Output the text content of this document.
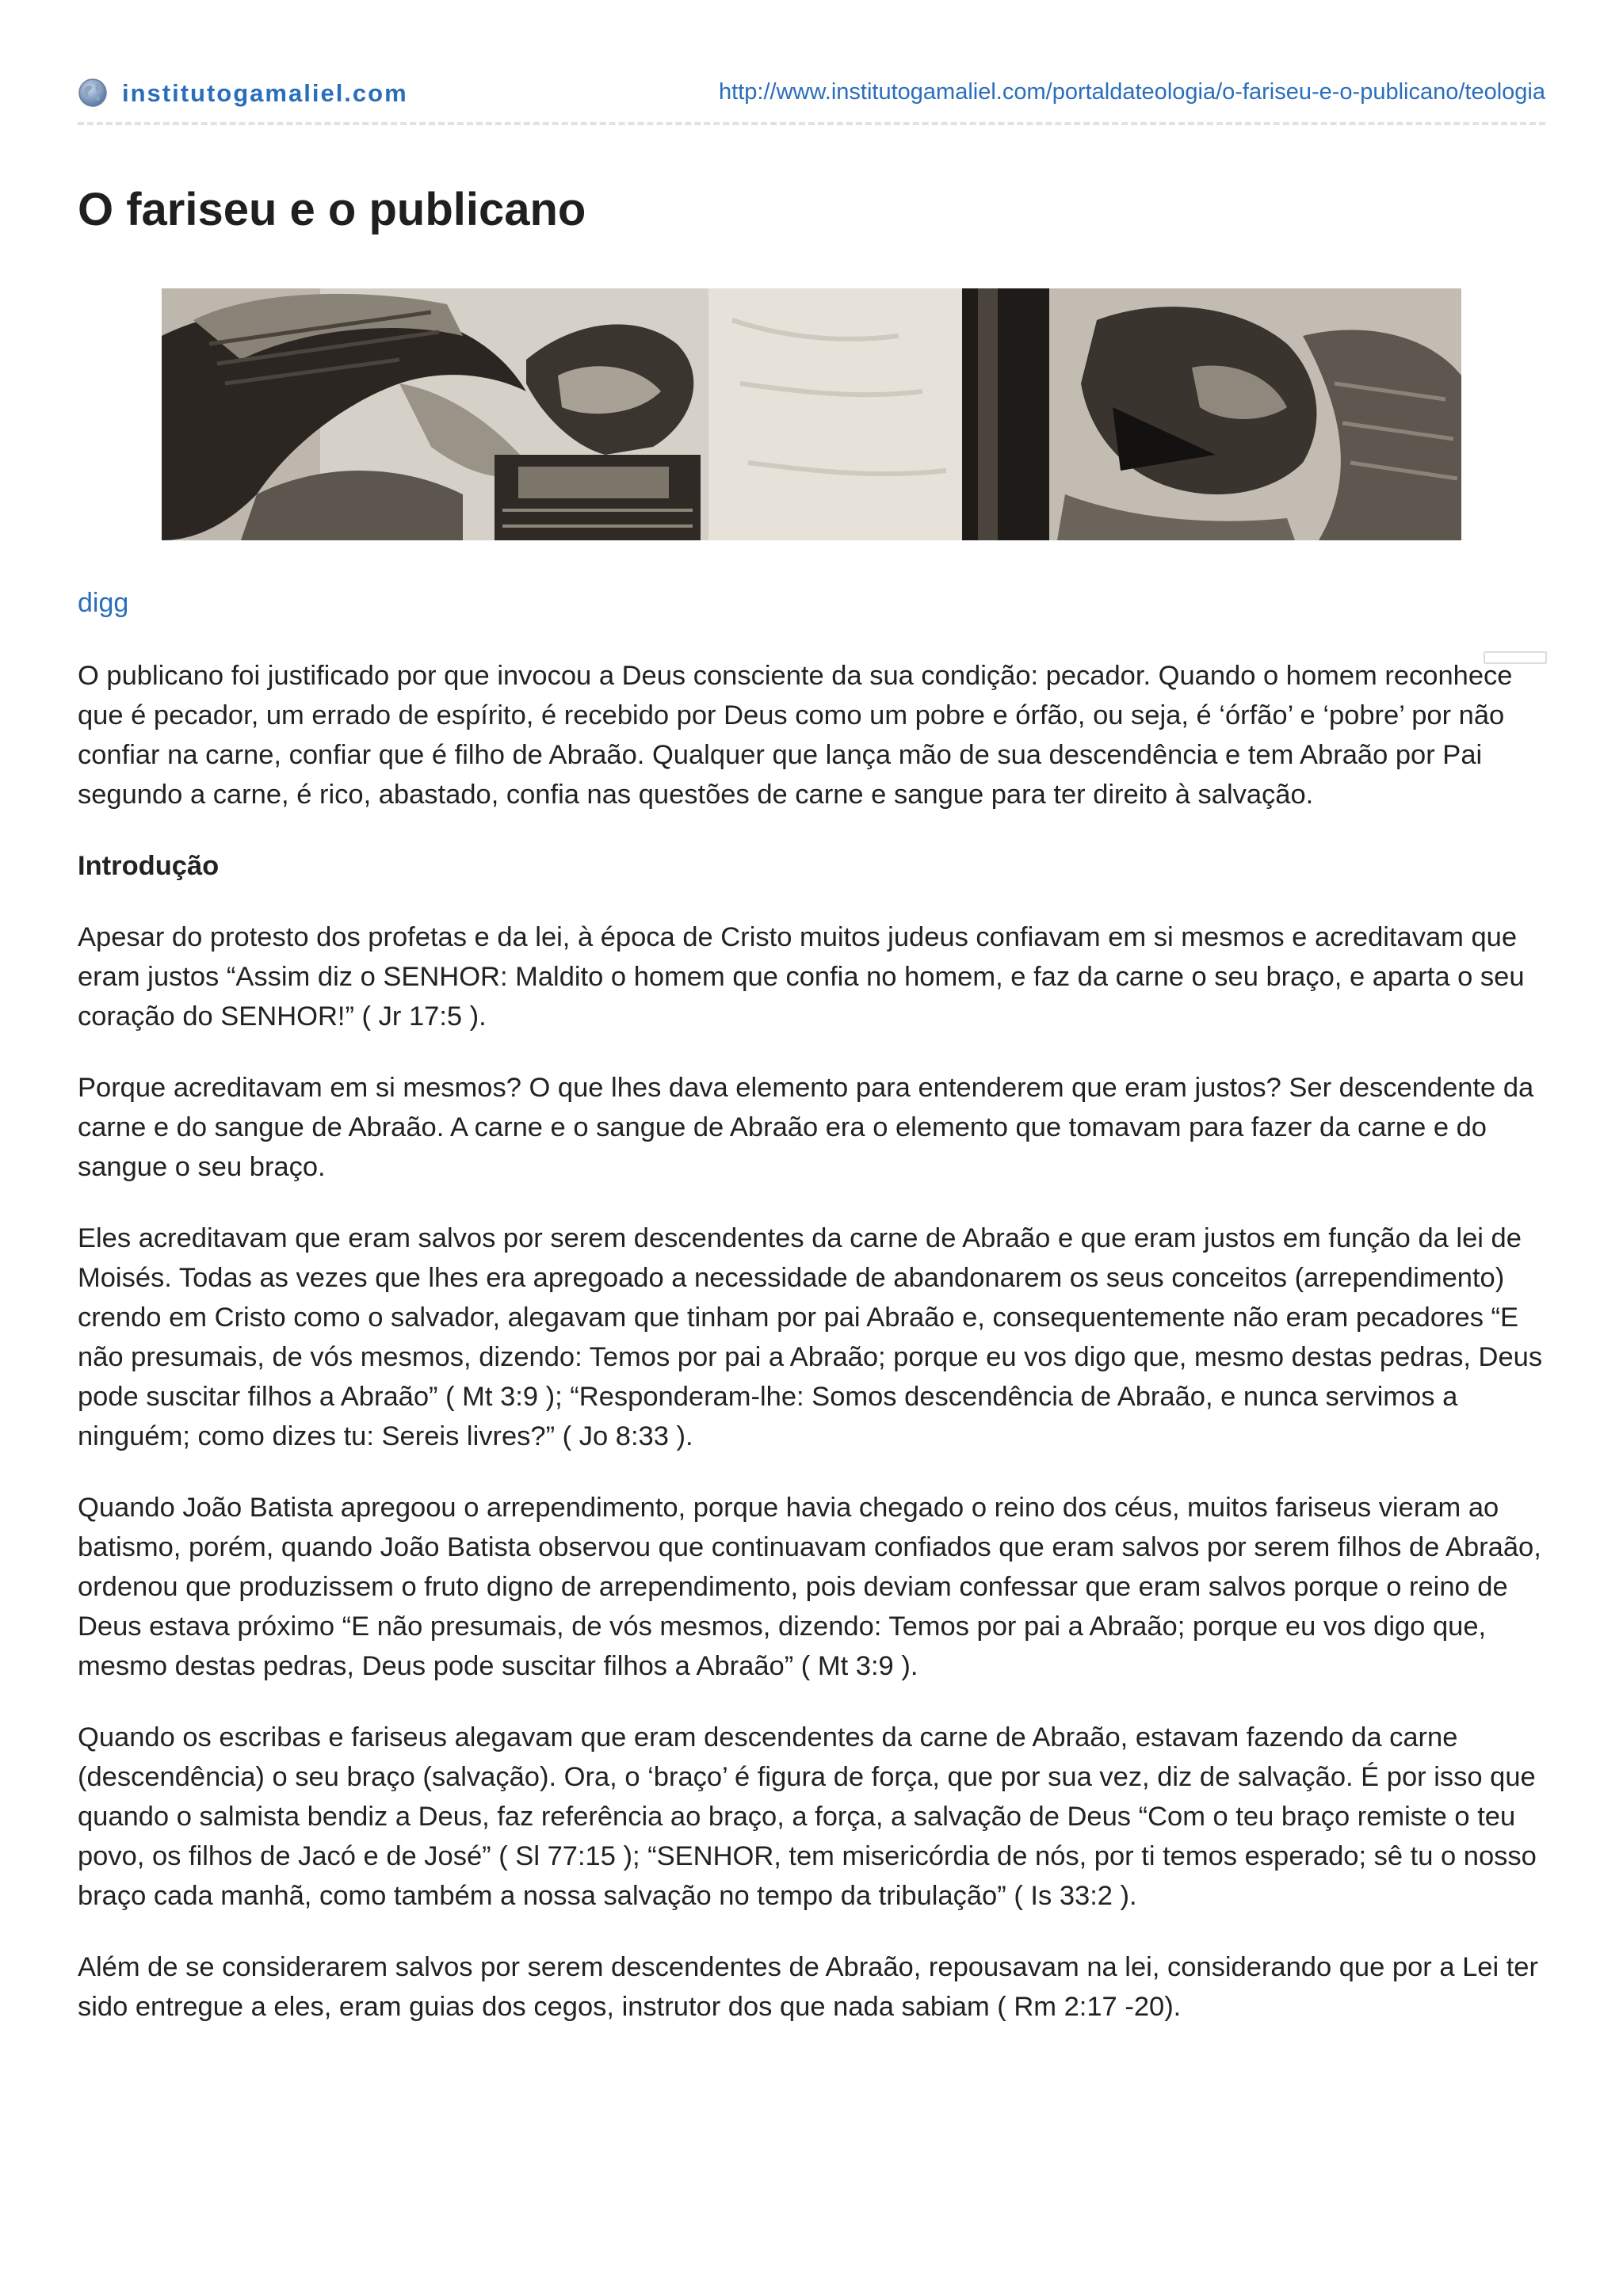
institutogamaliel.com	http://www.institutogamaliel.com/portaldateologia/o-fariseu-e-o-publicano/teologia
O fariseu e o publicano
digg

O publicano foi justificado por que invocou a Deus consciente da sua condição: pecador. Quando o homem reconhece que é pecador, um errado de espírito, é recebido por Deus como um pobre e órfão, ou seja, é ‘órfão’ e ‘pobre’ por não confiar na carne, confiar que é filho de Abraão. Qualquer que lança mão de sua descendência e tem Abraão por Pai segundo a carne, é rico, abastado, confia nas questões de carne e sangue para ter direito à salvação.

Introdução

Apesar do protesto dos profetas e da lei, à época de Cristo muitos judeus confiavam em si mesmos e acreditavam que eram justos “Assim diz o SENHOR: Maldito o homem que confia no homem, e faz da carne o seu braço, e aparta o seu coração do SENHOR!” ( Jr 17:5 ).

Porque acreditavam em si mesmos? O que lhes dava elemento para entenderem que eram justos? Ser descendente da carne e do sangue de Abraão. A carne e o sangue de Abraão era o elemento que tomavam para fazer da carne e do sangue o seu braço.

Eles acreditavam que eram salvos por serem descendentes da carne de Abraão e que eram justos em função da lei de Moisés. Todas as vezes que lhes era apregoado a necessidade de abandonarem os seus conceitos (arrependimento) crendo em Cristo como o salvador, alegavam que tinham por pai Abraão e, consequentemente não eram pecadores “E não presumais, de vós mesmos, dizendo: Temos por pai a Abraão; porque eu vos digo que, mesmo destas pedras, Deus pode suscitar filhos a Abraão” ( Mt 3:9 ); “Responderam-lhe: Somos descendência de Abraão, e nunca servimos a ninguém; como dizes tu: Sereis livres?” ( Jo 8:33 ).

Quando João Batista apregoou o arrependimento, porque havia chegado o reino dos céus, muitos fariseus vieram ao batismo, porém, quando João Batista observou que continuavam confiados que eram salvos por serem filhos de Abraão, ordenou que produzissem o fruto digno de arrependimento, pois deviam confessar que eram salvos porque o reino de Deus estava próximo “E não presumais, de vós mesmos, dizendo: Temos por pai a Abraão; porque eu vos digo que, mesmo destas pedras, Deus pode suscitar filhos a Abraão” ( Mt 3:9 ).

Quando os escribas e fariseus alegavam que eram descendentes da carne de Abraão, estavam fazendo da carne (descendência) o seu braço (salvação). Ora, o ‘braço’ é figura de força, que por sua vez, diz de salvação. É por isso que quando o salmista bendiz a Deus, faz referência ao braço, a força, a salvação de Deus “Com o teu braço remiste o teu povo, os filhos de Jacó e de José” ( Sl 77:15 ); “SENHOR, tem misericórdia de nós, por ti temos esperado; sê tu o nosso braço cada manhã, como também a nossa salvação no tempo da tribulação” ( Is 33:2 ).

Além de se considerarem salvos por serem descendentes de Abraão, repousavam na lei, considerando que por a Lei ter sido entregue a eles, eram guias dos cegos, instrutor dos que nada sabiam ( Rm 2:17 -20).
